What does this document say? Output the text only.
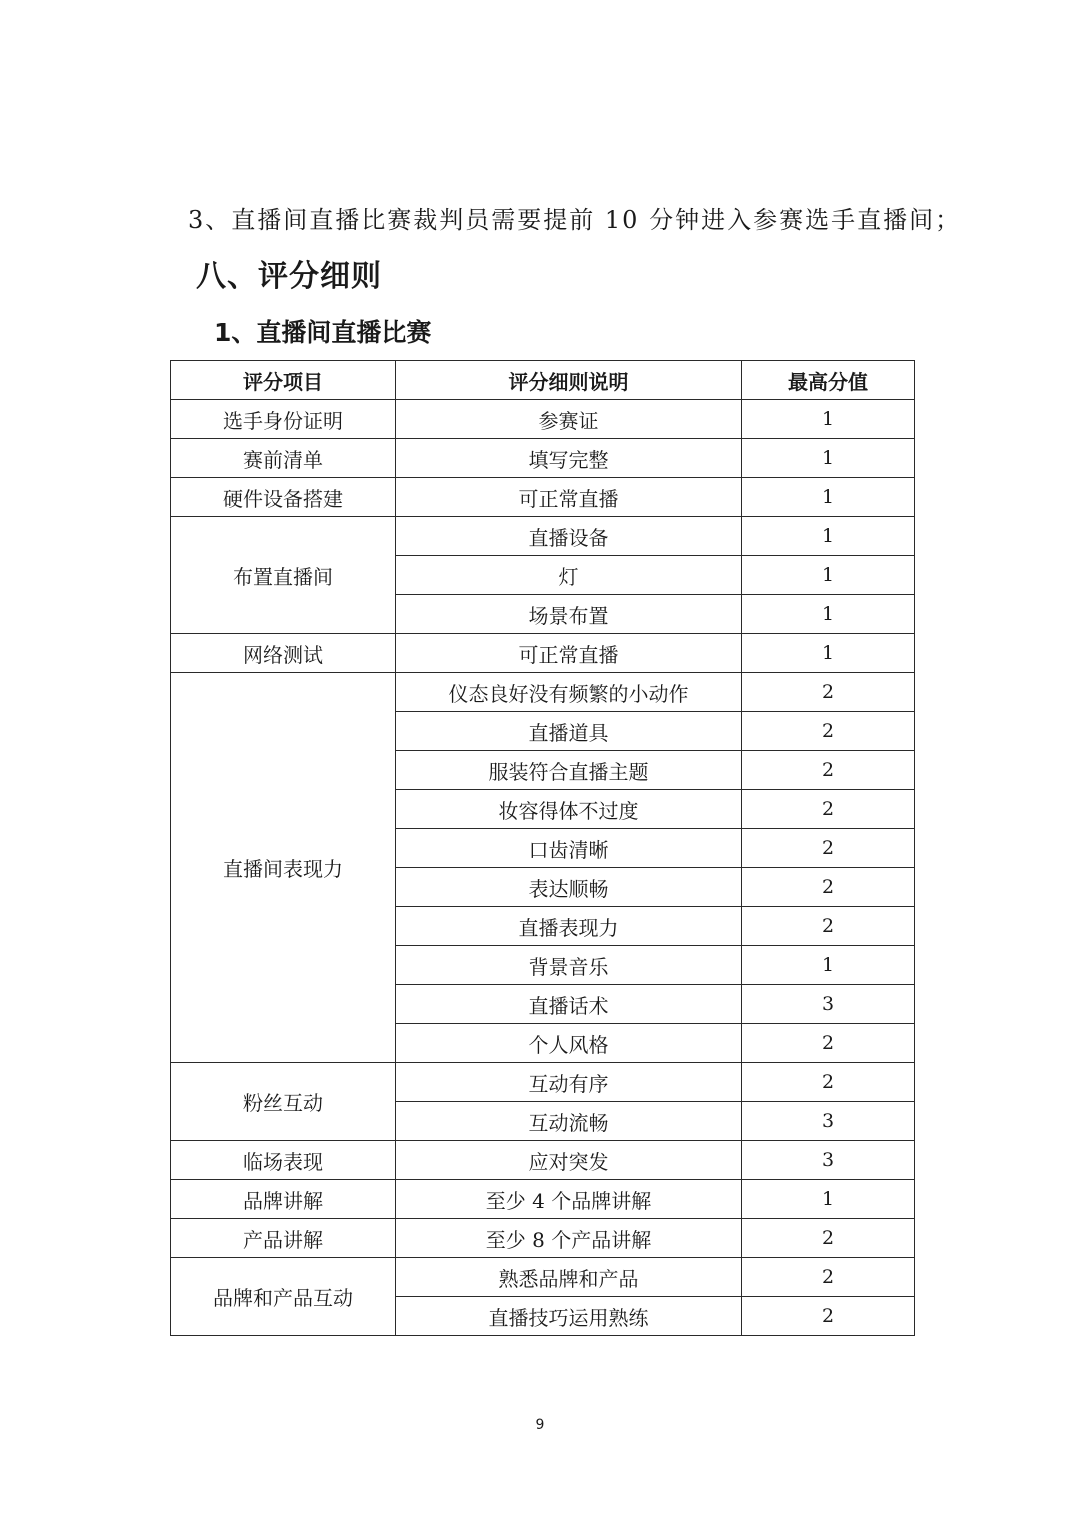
3、直播间直播比赛裁判员需要提前 10 分钟进入参赛选手直播间；
八、评分细则
1、直播间直播比赛
评分项目	评分细则说明	最高分值
选手身份证明	参赛证	1
赛前清单	填写完整	1
硬件设备搭建	可正常直播	1
布置直播间	直播设备	1
	灯	1
	场景布置	1
网络测试	可正常直播	1
直播间表现力	仪态良好没有频繁的小动作	2
	直播道具	2
	服装符合直播主题	2
	妆容得体不过度	2
	口齿清晰	2
	表达顺畅	2
	直播表现力	2
	背景音乐	1
	直播话术	3
	个人风格	2
粉丝互动	互动有序	2
	互动流畅	3
临场表现	应对突发	3
品牌讲解	至少 4 个品牌讲解	1
产品讲解	至少 8 个产品讲解	2
品牌和产品互动	熟悉品牌和产品	2
	直播技巧运用熟练	2
9
